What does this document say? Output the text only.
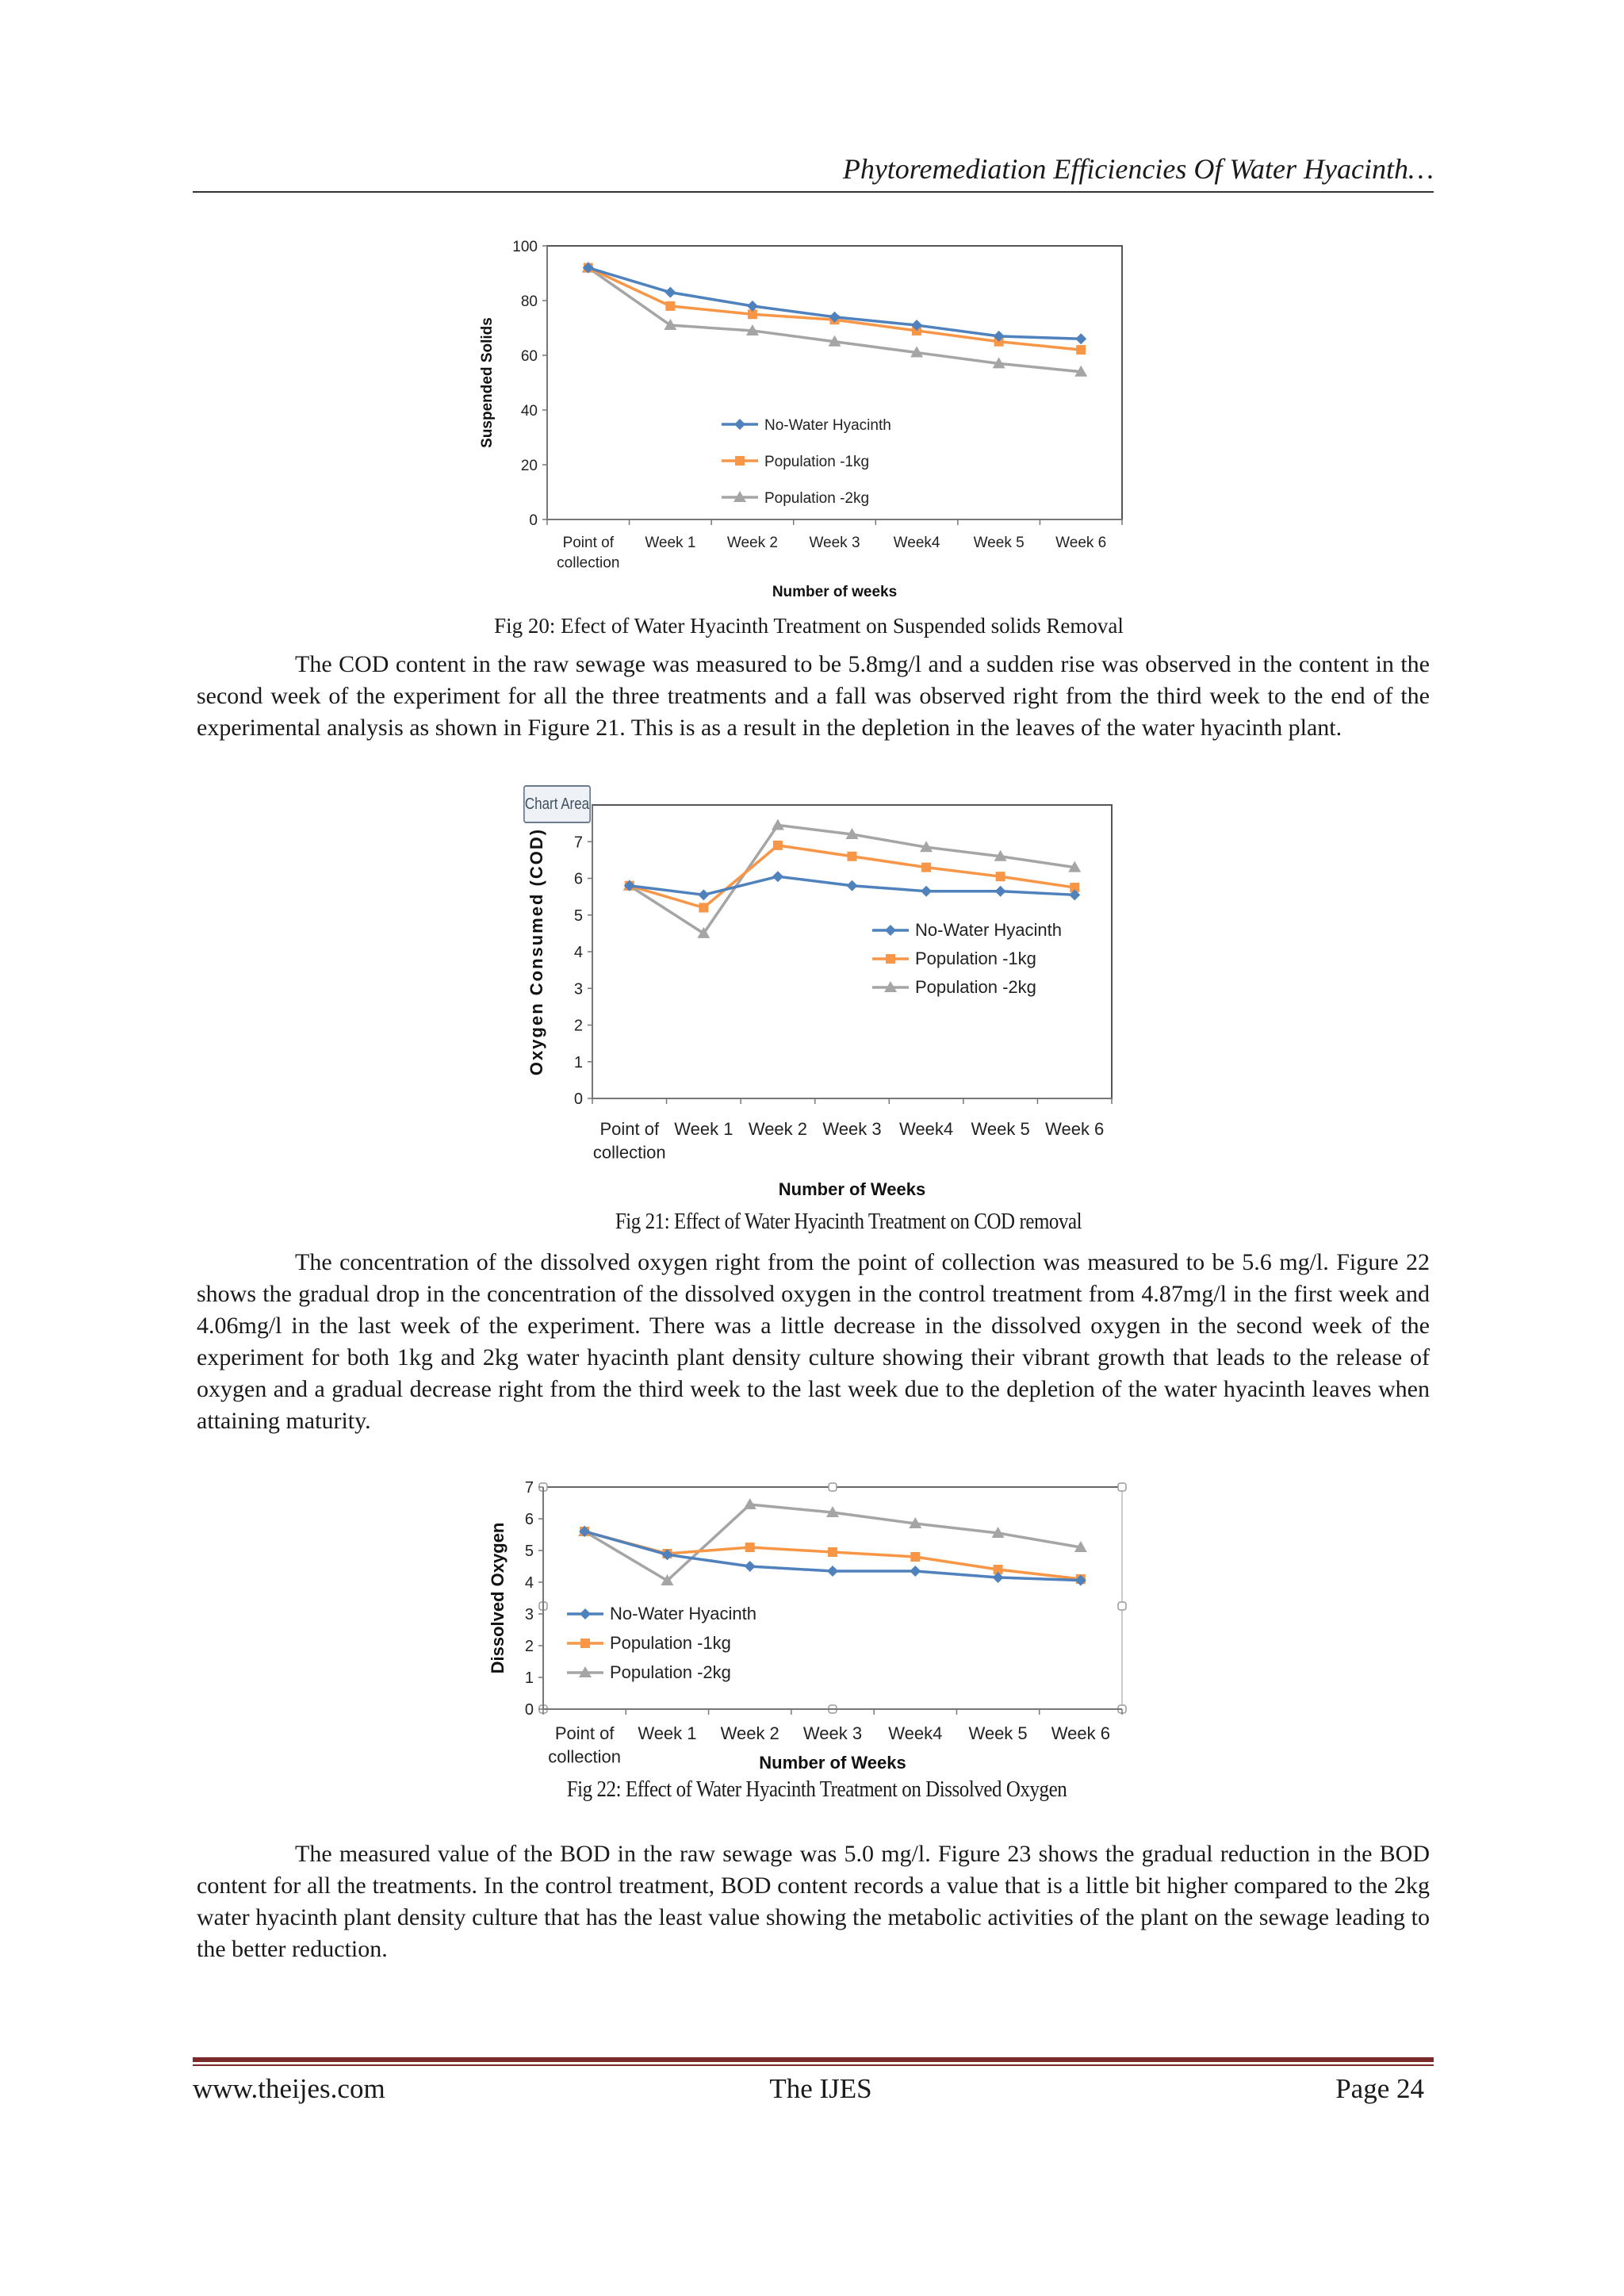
Phytoremediation Efficiencies Of Water Hyacinth…
0
20
40
60
80
100
Point of collection
Week 1 Week 2 Week 3 Week4 Week 5 Week 6
Number of weeks
Suspended Solids	No-Water Hyacinth
Population -1kg
Population -2kg
Fig 20: Efect of Water Hyacinth Treatment on Suspended solids Removal

The COD content in the raw sewage was measured to be 5.8mg/l and a sudden rise was observed in the content in the second week of the experiment for all the three treatments and a fall was observed right from the third week to the end of the experimental analysis as shown in Figure 21. This is as a result in the depletion in the leaves of the water hyacinth plant.

Chart Area
0
1
2
3
4
5
6
7
Point of collection
Week 1 Week 2 Week 3 Week4 Week 5 Week 6
Number of Weeks
Oxygen Consumed (COD)	No-Water Hyacinth
Population -1kg
Population -2kg
Fig 21: Effect of Water Hyacinth Treatment on COD removal

The concentration of the dissolved oxygen right from the point of collection was measured to be 5.6 mg/l. Figure 22 shows the gradual drop in the concentration of the dissolved oxygen in the control treatment from 4.87mg/l in the first week and 4.06mg/l in the last week of the experiment. There was a little decrease in the dissolved oxygen in the second week of the experiment for both 1kg and 2kg water hyacinth plant density culture showing their vibrant growth that leads to the release of oxygen and a gradual decrease right from the third week to the last week due to the depletion of the water hyacinth leaves when attaining maturity.

0
1
2
3
4
5
6
7
Point of collection
Week 1 Week 2 Week 3 Week4 Week 5 Week 6
Number of Weeks
Dissolved Oxygen	No-Water Hyacinth
Population -1kg
Population -2kg
Fig 22: Effect of Water Hyacinth Treatment on Dissolved Oxygen

The measured value of the BOD in the raw sewage was 5.0 mg/l. Figure 23 shows the gradual reduction in the BOD content for all the treatments. In the control treatment, BOD content records a value that is a little bit higher compared to the 2kg water hyacinth plant density culture that has the least value showing the metabolic activities of the plant on the sewage leading to the better reduction.

www.theijes.com	The IJES	Page 24
